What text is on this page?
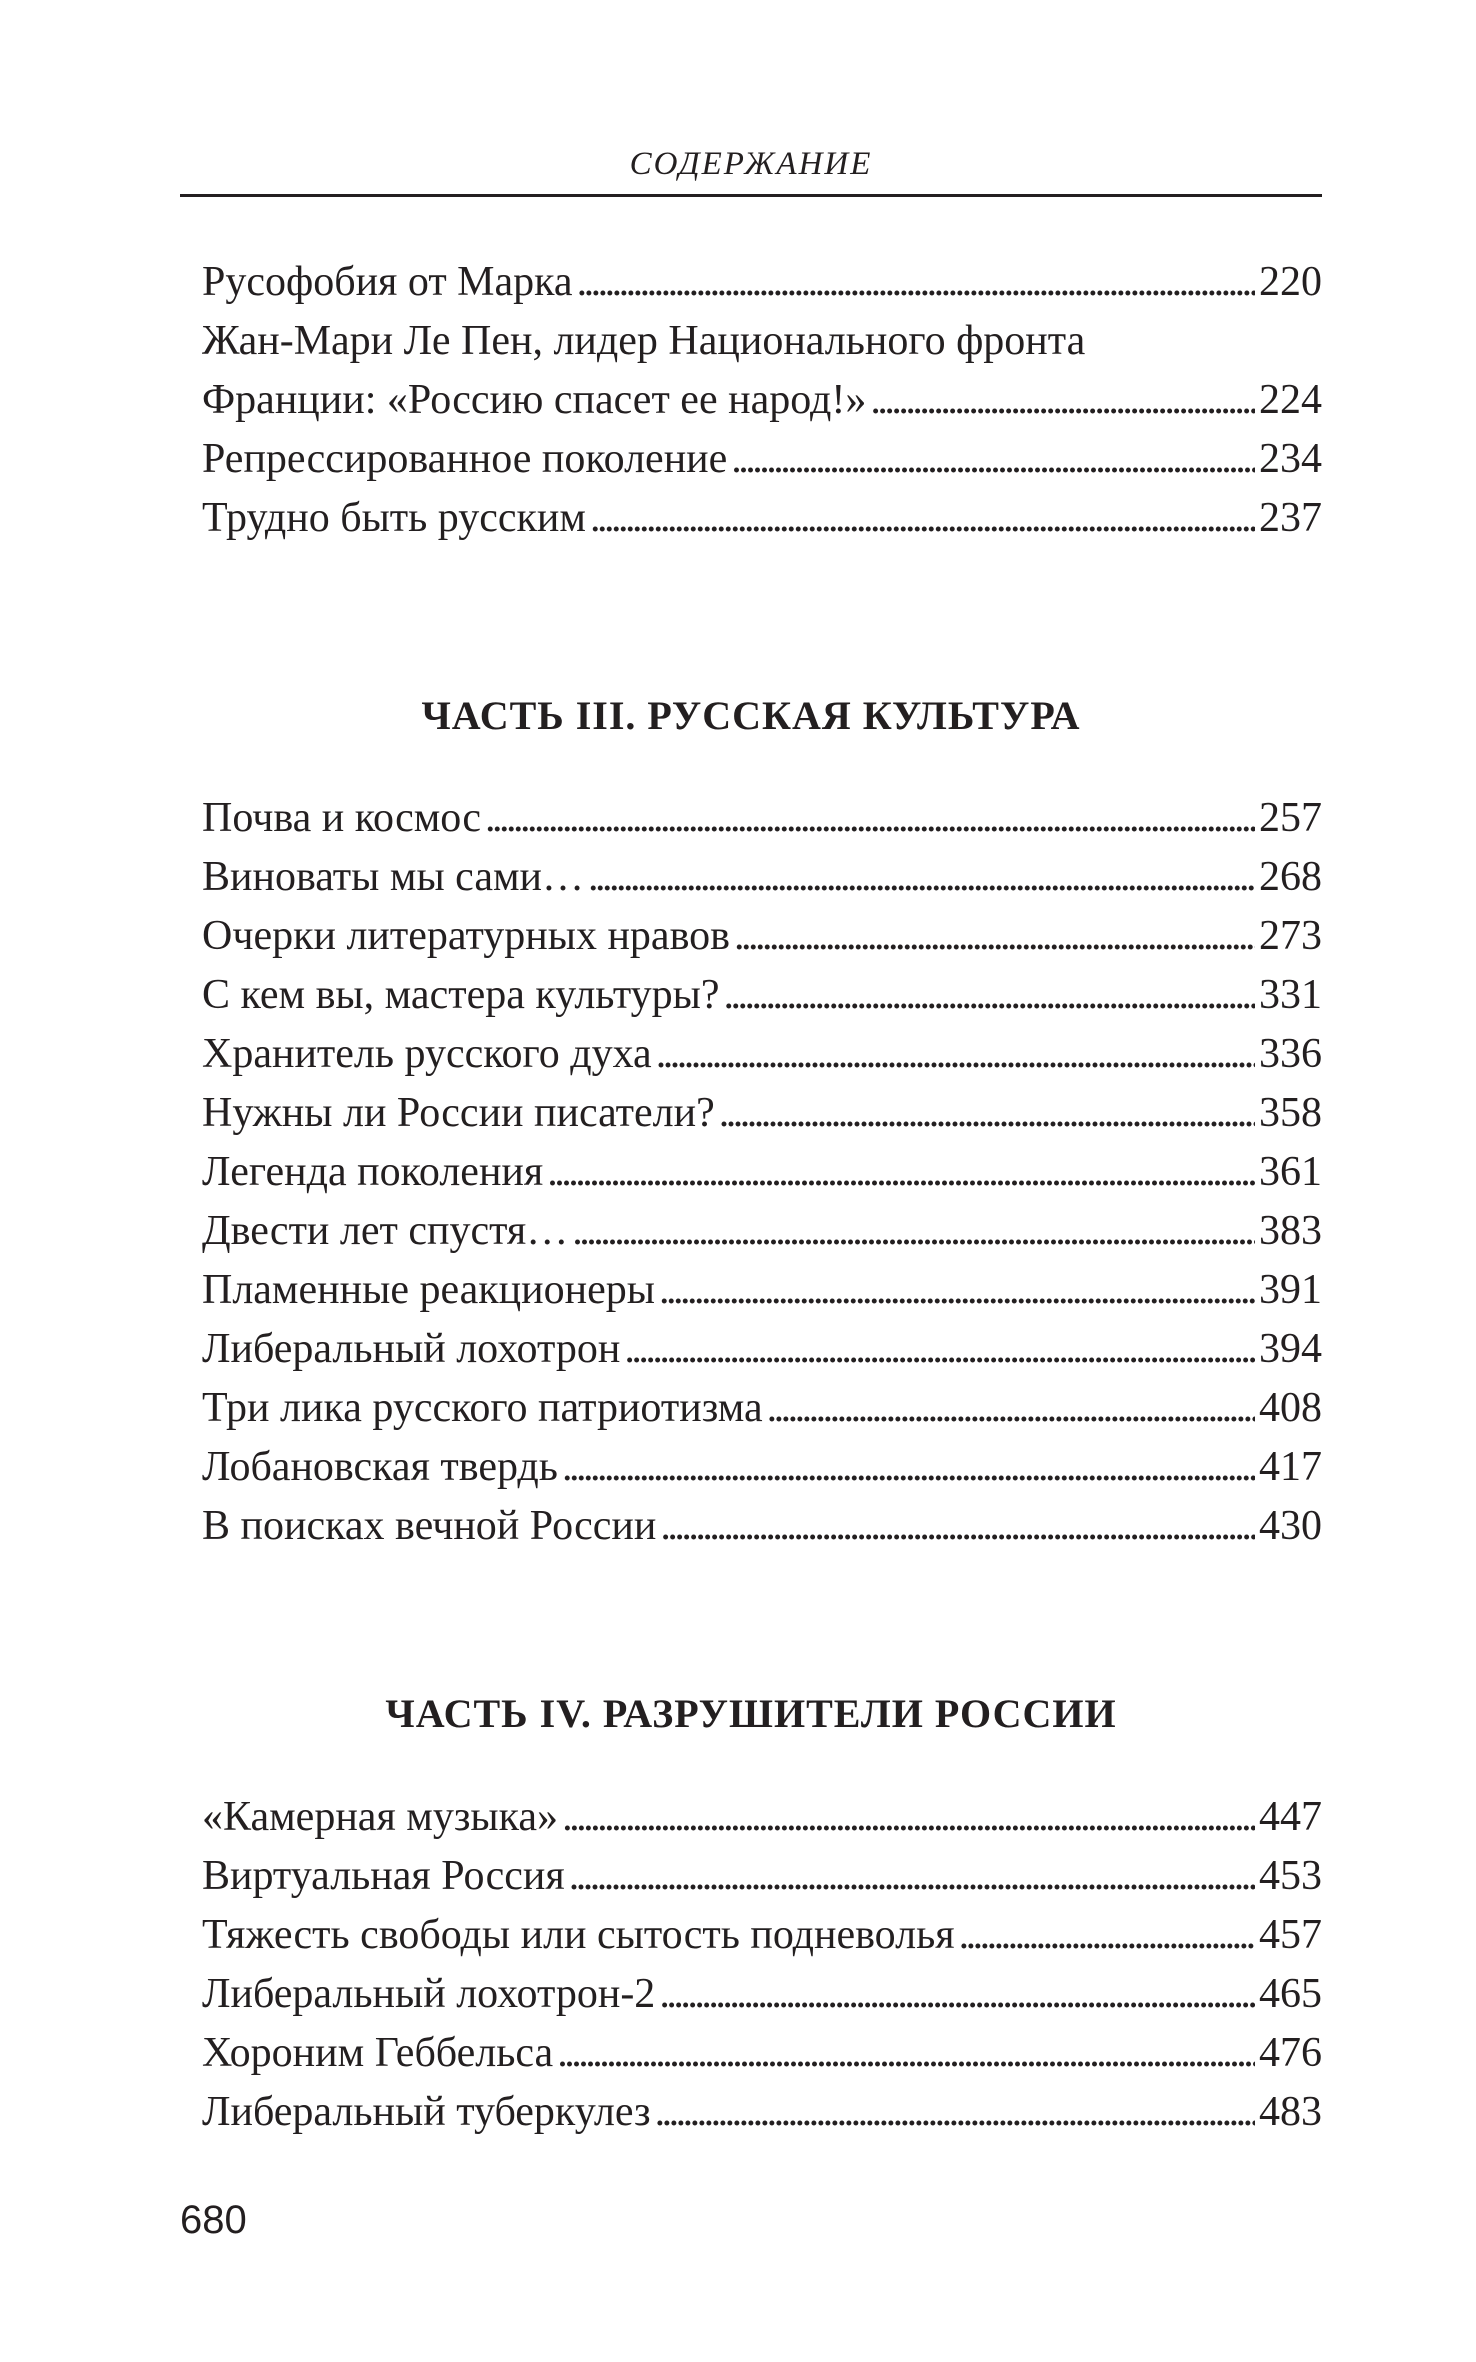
СОДЕРЖАНИЕ
Русофобия от Марка . . .	220
Жан-Мари Ле Пен, лидер Национального фронта
Франции: «Россию спасет ее народ!» . . .	224
Репрессированное поколение . . .	234
Трудно быть русским . . .	237
ЧАСТЬ III. РУССКАЯ КУЛЬТУРА
Почва и космос . . .	257
Виноваты мы сами… . . .	268
Очерки литературных нравов . . .	273
С кем вы, мастера культуры? . . .	331
Хранитель русского духа . . .	336
Нужны ли России писатели? . . .	358
Легенда поколения . . .	361
Двести лет спустя… . . .	383
Пламенные реакционеры . . .	391
Либеральный лохотрон . . .	394
Три лика русского патриотизма . . .	408
Лобановская твердь . . .	417
В поисках вечной России . . .	430
ЧАСТЬ IV. РАЗРУШИТЕЛИ РОССИИ
«Камерная музыка» . . .	447
Виртуальная Россия . . .	453
Тяжесть свободы или сытость подневолья . . .	457
Либеральный лохотрон-2 . . .	465
Хороним Геббельса . . .	476
Либеральный туберкулез . . .	483
680
